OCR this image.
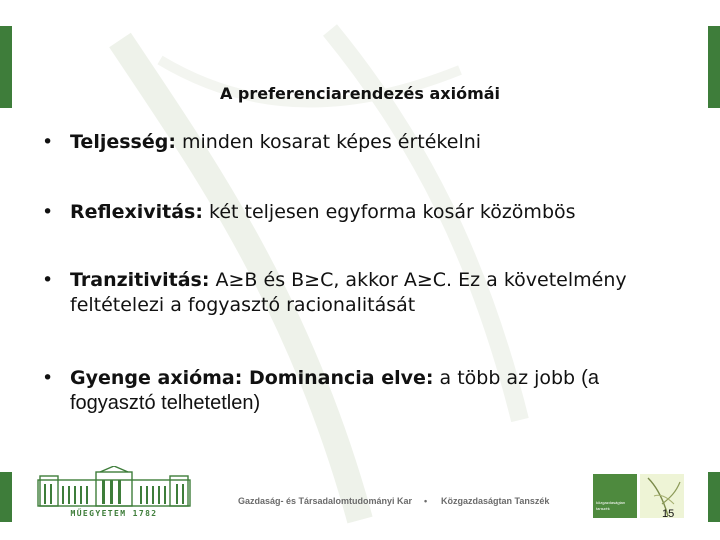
A preferenciarendezés axiómái
• Teljesség: minden kosarat képes értékelni
• Reflexivitás: két teljesen egyforma kosár közömbös
• Tranzitivitás: A≥B és B≥C, akkor A≥C. Ez a követelmény feltételezi a fogyasztó racionalitását
• Gyenge axióma: Dominancia elve: a több az jobb (a fogyasztó telhetetlen)
MŰEGYETEM 1782
Gazdaság- és Társadalomtudományi Kar • Közgazdaságtan Tanszék	közgazdaságtan tanszék	15
